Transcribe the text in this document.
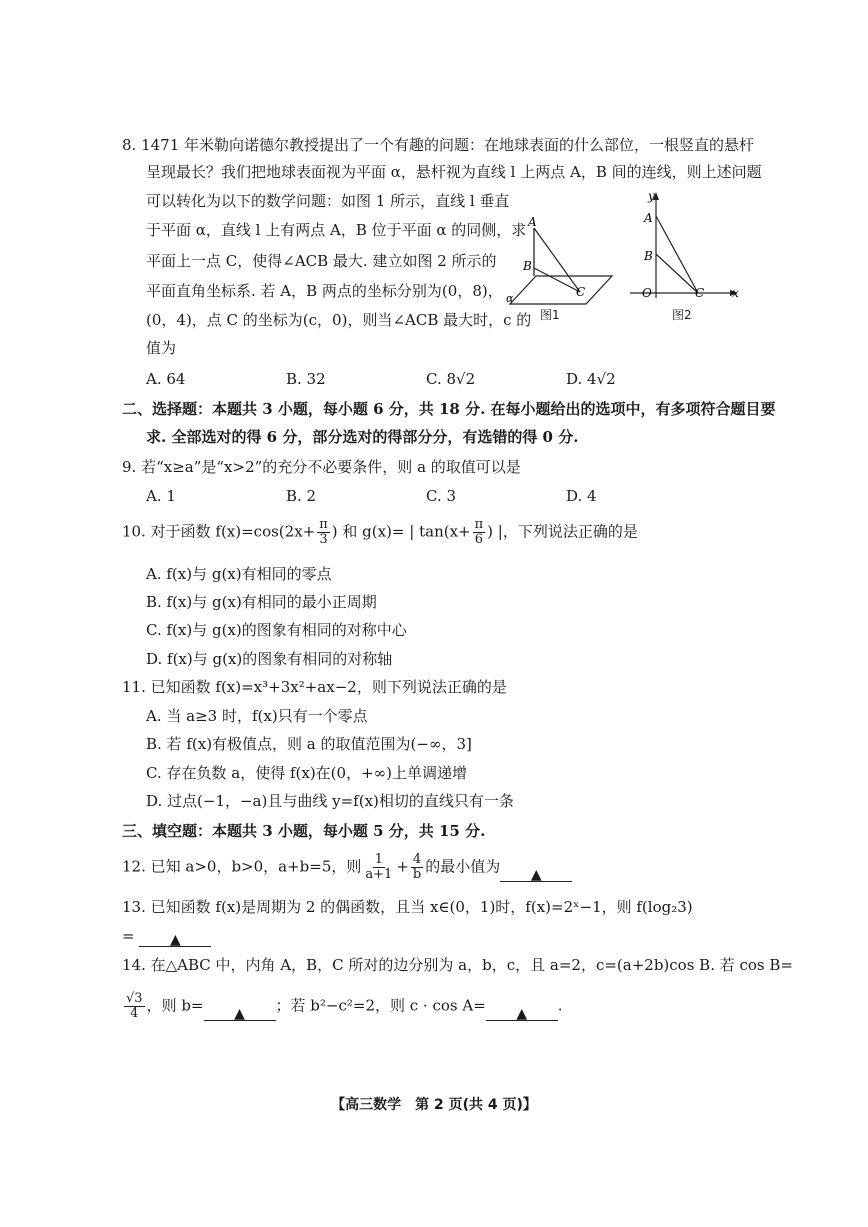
8. 1471 年米勒向诺德尔教授提出了一个有趣的问题：在地球表面的什么部位，一根竖直的悬杆
呈现最长？我们把地球表面视为平面 α，悬杆视为直线 l 上两点 A，B 间的连线，则上述问题
可以转化为以下的数学问题：如图 1 所示，直线 l 垂直
于平面 α，直线 l 上有两点 A，B 位于平面 α 的同侧，求
平面上一点 C，使得∠ACB 最大. 建立如图 2 所示的
平面直角坐标系. 若 A，B 两点的坐标分别为(0，8)，
(0，4)，点 C 的坐标为(c，0)，则当∠ACB 最大时，c 的
值为
A
B
C
α
图1
y
A
B
O	C x
图2
A. 64	B. 32	C. 8√2	D. 4√2
二、选择题：本题共 3 小题，每小题 6 分，共 18 分. 在每小题给出的选项中，有多项符合题目要
求. 全部选对的得 6 分，部分选对的得部分分，有选错的得 0 分.
9. 若“x≥a”是“x>2”的充分不必要条件，则 a 的取值可以是
A. 1	B. 2	C. 3	D. 4
10. 对于函数 $f(x)=\cos(2x+ \frac{\pi}{3}$ ) 和 g(x)= | $\tan(x+ \frac{\pi}{6}$ ) |，下列说法正确的是
A. f(x)与 g(x)有相同的零点
B. f(x)与 g(x)有相同的最小正周期
C. f(x)与 g(x)的图象有相同的对称中心
D. f(x)与 g(x)的图象有相同的对称轴
11. 已知函数 f(x)=x³+3x²+ax−2，则下列说法正确的是
A. 当 a≥3 时，f(x)只有一个零点
B. 若 f(x)有极值点，则 a 的取值范围为(−∞，3]
C. 存在负数 a，使得 f(x)在(0，+∞)上单调递增
D. 过点(−1，−a)且与曲线 y=f(x)相切的直线只有一条
三、填空题：本题共 3 小题，每小题 5 分，共 15 分.
12. 已知 a>0，b>0，a+b=5，则 $\frac{1}{a+1} + \frac{4}{b}$ 的最小值为 ▲
13. 已知函数 f(x)是周期为 2 的偶函数，且当 x∈(0，1)时，f(x)=2ˣ−1，则 f(log₂3)
=	▲
14. 在△ABC 中，内角 A，B，C 所对的边分别为 a，b，c，且 a=2，c=(a+2b)cos B. 若 cos B=
$\frac{√3}{4}$ ，则 b= ▲ ；若 b²−c²=2，则 c · cos A= ▲ .
【高三数学　第 2 页(共 4 页)】
